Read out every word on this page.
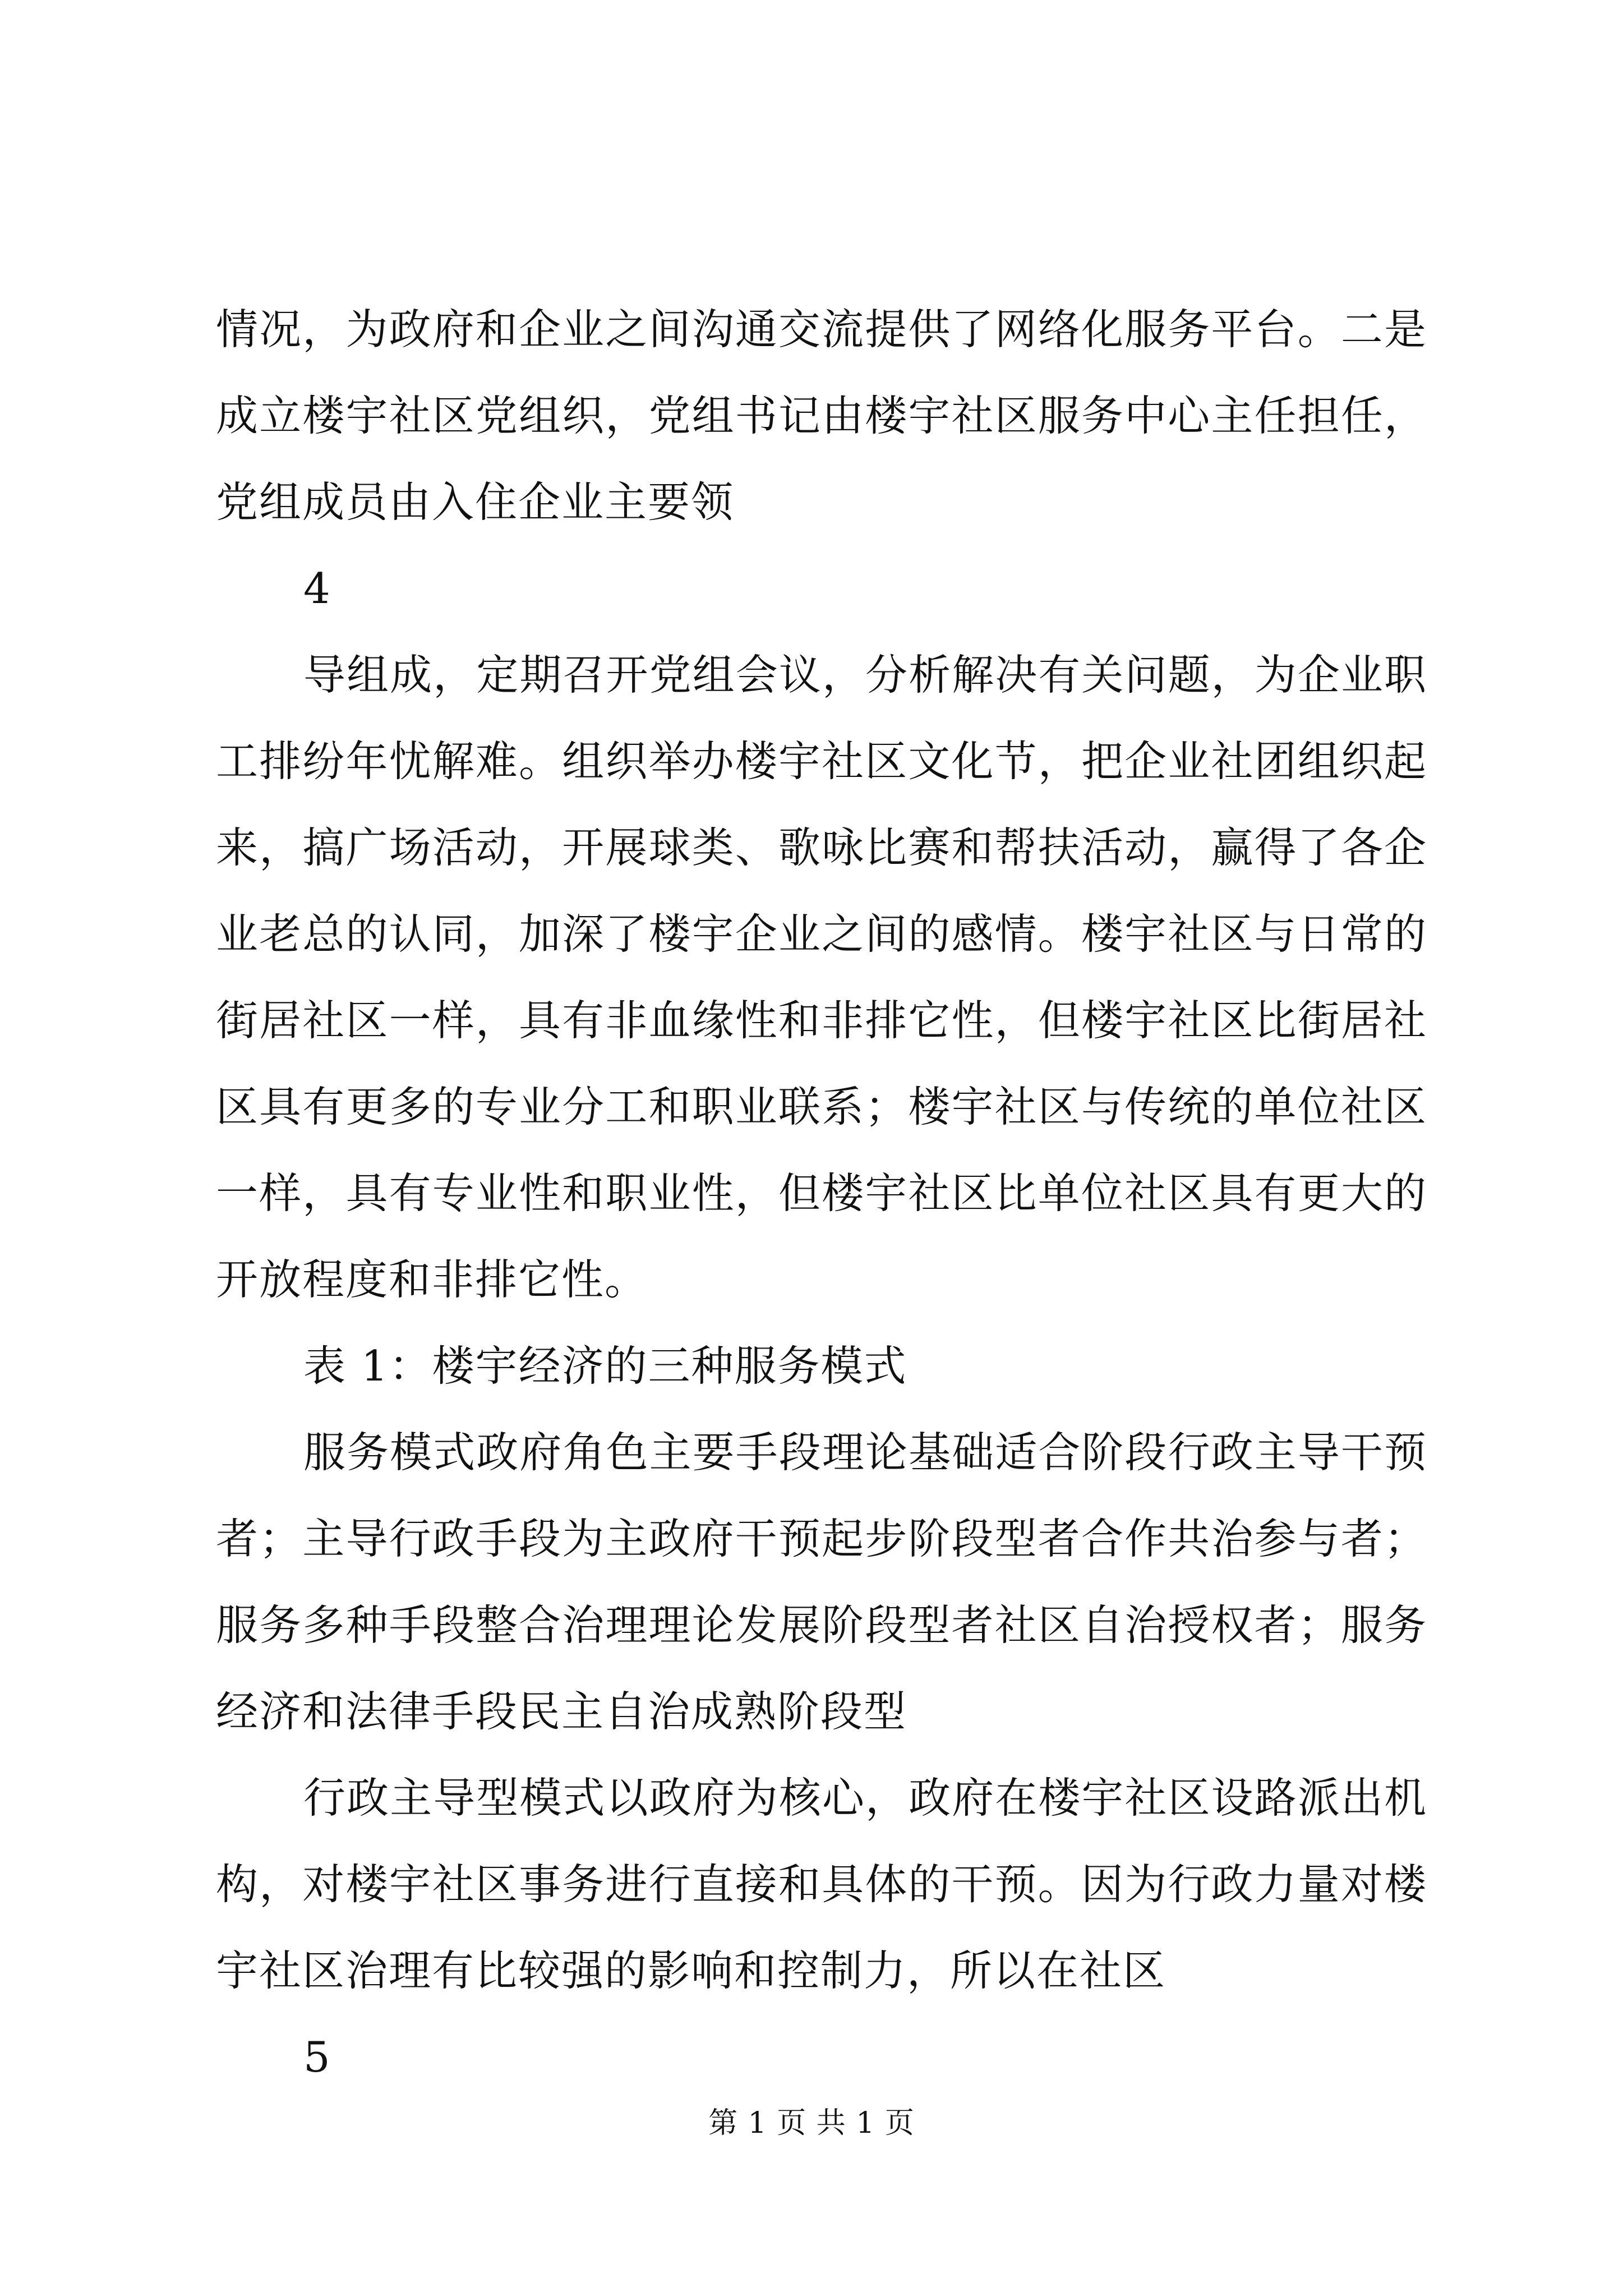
情况，为政府和企业之间沟通交流提供了网络化服务平台。二是成立楼宇社区党组织，党组书记由楼宇社区服务中心主任担任，党组成员由入住企业主要领

4

导组成，定期召开党组会议，分析解决有关问题，为企业职工排纷年忧解难。组织举办楼宇社区文化节，把企业社团组织起来，搞广场活动，开展球类、歌咏比赛和帮扶活动，赢得了各企业老总的认同，加深了楼宇企业之间的感情。楼宇社区与日常的街居社区一样，具有非血缘性和非排它性，但楼宇社区比街居社区具有更多的专业分工和职业联系；楼宇社区与传统的单位社区一样，具有专业性和职业性，但楼宇社区比单位社区具有更大的开放程度和非排它性。

表 1：楼宇经济的三种服务模式

服务模式政府角色主要手段理论基础适合阶段行政主导干预者；主导行政手段为主政府干预起步阶段型者合作共治参与者；服务多种手段整合治理理论发展阶段型者社区自治授权者；服务经济和法律手段民主自治成熟阶段型

行政主导型模式以政府为核心，政府在楼宇社区设路派出机构，对楼宇社区事务进行直接和具体的干预。因为行政力量对楼宇社区治理有比较强的影响和控制力，所以在社区

5

第 1 页 共 1 页
